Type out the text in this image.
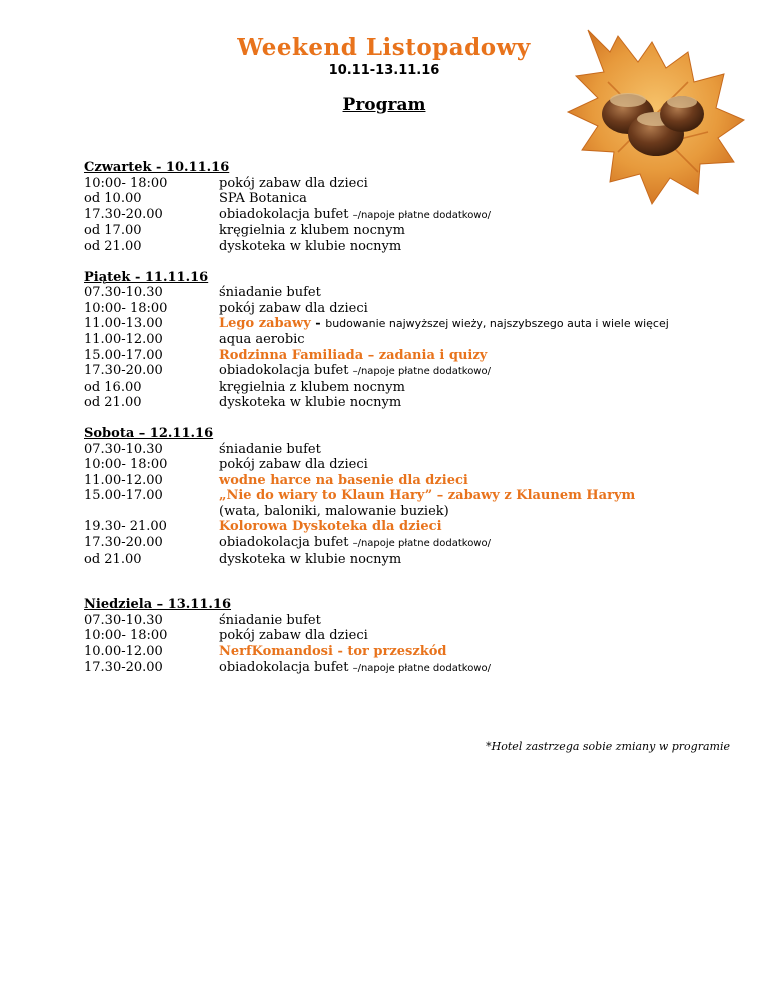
Weekend Listopadowy
10.11-13.11.16
Program
Czwartek - 10.11.16
10:00- 18:00	pokój zabaw dla dzieci
od 10.00	SPA Botanica
17.30-20.00	obiadokolacja bufet –/napoje płatne dodatkowo/
od 17.00	kręgielnia z klubem nocnym
od 21.00	dyskoteka w klubie nocnym
Piątek - 11.11.16
07.30-10.30	śniadanie bufet
10:00- 18:00	pokój zabaw dla dzieci
11.00-13.00	Lego zabawy - budowanie najwyższej wieży, najszybszego auta i wiele więcej
11.00-12.00	aqua aerobic
15.00-17.00	Rodzinna Familiada – zadania i quizy
17.30-20.00	obiadokolacja bufet –/napoje płatne dodatkowo/
od 16.00	kręgielnia z klubem nocnym
od 21.00	dyskoteka w klubie nocnym
Sobota – 12.11.16
07.30-10.30	śniadanie bufet
10:00- 18:00	pokój zabaw dla dzieci
11.00-12.00	wodne harce na basenie dla dzieci
15.00-17.00	„Nie do wiary to Klaun Hary” – zabawy z Klaunem Harym
(wata, baloniki, malowanie buziek)
19.30- 21.00	Kolorowa Dyskoteka dla dzieci
17.30-20.00	obiadokolacja bufet –/napoje płatne dodatkowo/
od 21.00	dyskoteka w klubie nocnym
Niedziela – 13.11.16
07.30-10.30	śniadanie bufet
10:00- 18:00	pokój zabaw dla dzieci
10.00-12.00	NerfKomandosi - tor przeszkód
17.30-20.00	obiadokolacja bufet –/napoje płatne dodatkowo/
*Hotel zastrzega sobie zmiany w programie
